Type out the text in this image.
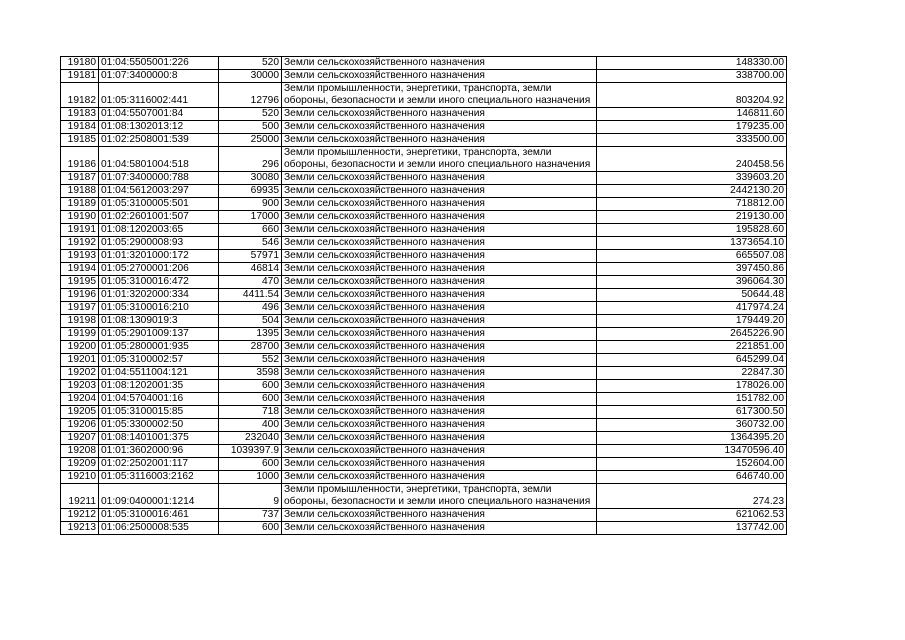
19180	01:04:5505001:226	520	Земли сельскохозяйственного назначения	148330.00
19181	01:07:3400000:8	30000	Земли сельскохозяйственного назначения	338700.00
19182	01:05:3116002:441	12796	Земли промышленности, энергетики, транспорта, земли обороны, безопасности и земли иного специального назначения	803204.92
19183	01:04:5507001:84	520	Земли сельскохозяйственного назначения	146811.60
19184	01:08:1302013:12	500	Земли сельскохозяйственного назначения	179235.00
19185	01:02:2508001:539	25000	Земли сельскохозяйственного назначения	333500.00
19186	01:04:5801004:518	296	Земли промышленности, энергетики, транспорта, земли обороны, безопасности и земли иного специального назначения	240458.56
19187	01:07:3400000:788	30080	Земли сельскохозяйственного назначения	339603.20
19188	01:04:5612003:297	69935	Земли сельскохозяйственного назначения	2442130.20
19189	01:05:3100005:501	900	Земли сельскохозяйственного назначения	718812.00
19190	01:02:2601001:507	17000	Земли сельскохозяйственного назначения	219130.00
19191	01:08:1202003:65	660	Земли сельскохозяйственного назначения	195828.60
19192	01:05:2900008:93	546	Земли сельскохозяйственного назначения	1373654.10
19193	01:01:3201000:172	57971	Земли сельскохозяйственного назначения	665507.08
19194	01:05:2700001:206	46814	Земли сельскохозяйственного назначения	397450.86
19195	01:05:3100016:472	470	Земли сельскохозяйственного назначения	396064.30
19196	01:01:3202000:334	4411.54	Земли сельскохозяйственного назначения	50644.48
19197	01:05:3100016:210	496	Земли сельскохозяйственного назначения	417974.24
19198	01:08:1309019:3	504	Земли сельскохозяйственного назначения	179449.20
19199	01:05:2901009:137	1395	Земли сельскохозяйственного назначения	2645226.90
19200	01:05:2800001:935	28700	Земли сельскохозяйственного назначения	221851.00
19201	01:05:3100002:57	552	Земли сельскохозяйственного назначения	645299.04
19202	01:04:5511004:121	3598	Земли сельскохозяйственного назначения	22847.30
19203	01:08:1202001:35	600	Земли сельскохозяйственного назначения	178026.00
19204	01:04:5704001:16	600	Земли сельскохозяйственного назначения	151782.00
19205	01:05:3100015:85	718	Земли сельскохозяйственного назначения	617300.50
19206	01:05:3300002:50	400	Земли сельскохозяйственного назначения	360732.00
19207	01:08:1401001:375	232040	Земли сельскохозяйственного назначения	1364395.20
19208	01:01:3602000:96	1039397.9	Земли сельскохозяйственного назначения	13470596.40
19209	01:02:2502001:117	600	Земли сельскохозяйственного назначения	152604.00
19210	01:05:3116003:2162	1000	Земли сельскохозяйственного назначения	646740.00
19211	01:09:0400001:1214	9	Земли промышленности, энергетики, транспорта, земли обороны, безопасности и земли иного специального назначения	274.23
19212	01:05:3100016:461	737	Земли сельскохозяйственного назначения	621062.53
19213	01:06:2500008:535	600	Земли сельскохозяйственного назначения	137742.00
